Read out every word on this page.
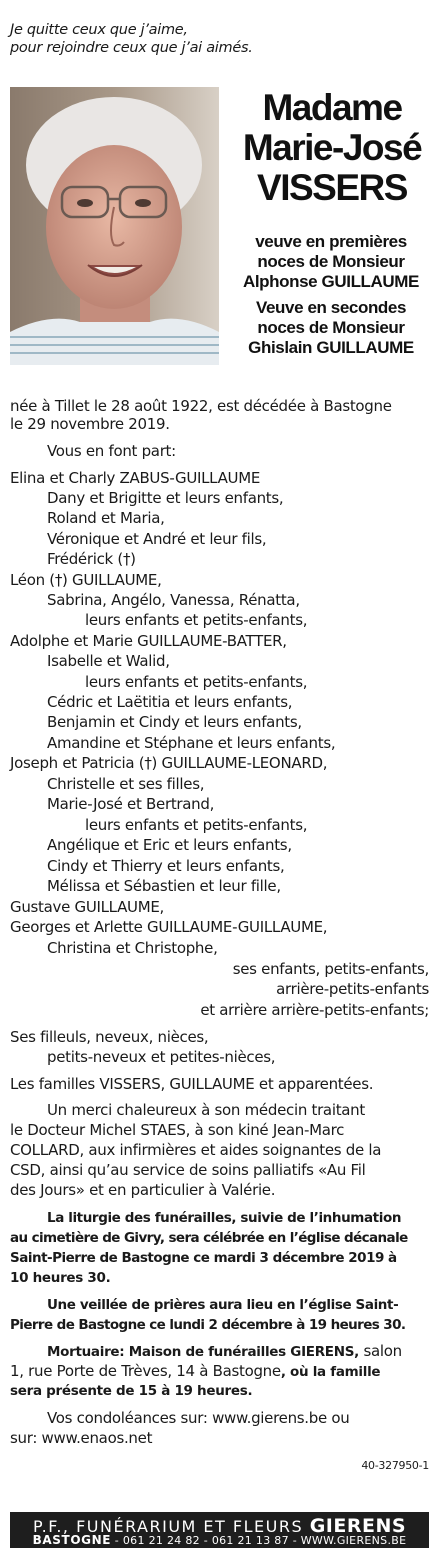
Je quitte ceux que j’aime,
pour rejoindre ceux que j’ai aimés.
Madame
Marie-José
VISSERS
veuve en premières
noces de Monsieur
Alphonse GUILLAUME
Veuve en secondes
noces de Monsieur
Ghislain GUILLAUME
née à Tillet le 28 août 1922, est décédée à Bastogne
le 29 novembre 2019.
Vous en font part:
Elina et Charly ZABUS-GUILLAUME
Dany et Brigitte et leurs enfants,
Roland et Maria,
Véronique et André et leur fils,
Frédérick (†)
Léon (†) GUILLAUME,
Sabrina, Angélo, Vanessa, Rénatta,
leurs enfants et petits-enfants,
Adolphe et Marie GUILLAUME-BATTER,
Isabelle et Walid,
leurs enfants et petits-enfants,
Cédric et Laëtitia et leurs enfants,
Benjamin et Cindy et leurs enfants,
Amandine et Stéphane et leurs enfants,
Joseph et Patricia (†) GUILLAUME-LEONARD,
Christelle et ses filles,
Marie-José et Bertrand,
leurs enfants et petits-enfants,
Angélique et Eric et leurs enfants,
Cindy et Thierry et leurs enfants,
Mélissa et Sébastien et leur fille,
Gustave GUILLAUME,
Georges et Arlette GUILLAUME-GUILLAUME,
Christina et Christophe,
ses enfants, petits-enfants,
arrière-petits-enfants
et arrière arrière-petits-enfants;
Ses filleuls, neveux, nièces,
petits-neveux et petites-nièces,
Les familles VISSERS, GUILLAUME et apparentées.
Un merci chaleureux à son médecin traitant
le Docteur Michel STAES, à son kiné Jean-Marc
COLLARD, aux infirmières et aides soignantes de la
CSD, ainsi qu’au service de soins palliatifs «Au Fil
des Jours» et en particulier à Valérie.
La liturgie des funérailles, suivie de l’inhumation
au cimetière de Givry, sera célébrée en l’église décanale
Saint-Pierre de Bastogne ce mardi 3 décembre 2019 à
10 heures 30.
Une veillée de prières aura lieu en l’église Saint-
Pierre de Bastogne ce lundi 2 décembre à 19 heures 30.
Mortuaire: Maison de funérailles GIERENS, salon
1, rue Porte de Trèves, 14 à Bastogne, où la famille
sera présente de 15 à 19 heures.
Vos condoléances sur: www.gierens.be ou
sur: www.enaos.net
40-327950-1
P.F., FUNÉRARIUM ET FLEURS GIERENS
BASTOGNE - 061 21 24 82 - 061 21 13 87 - WWW.GIERENS.BE
